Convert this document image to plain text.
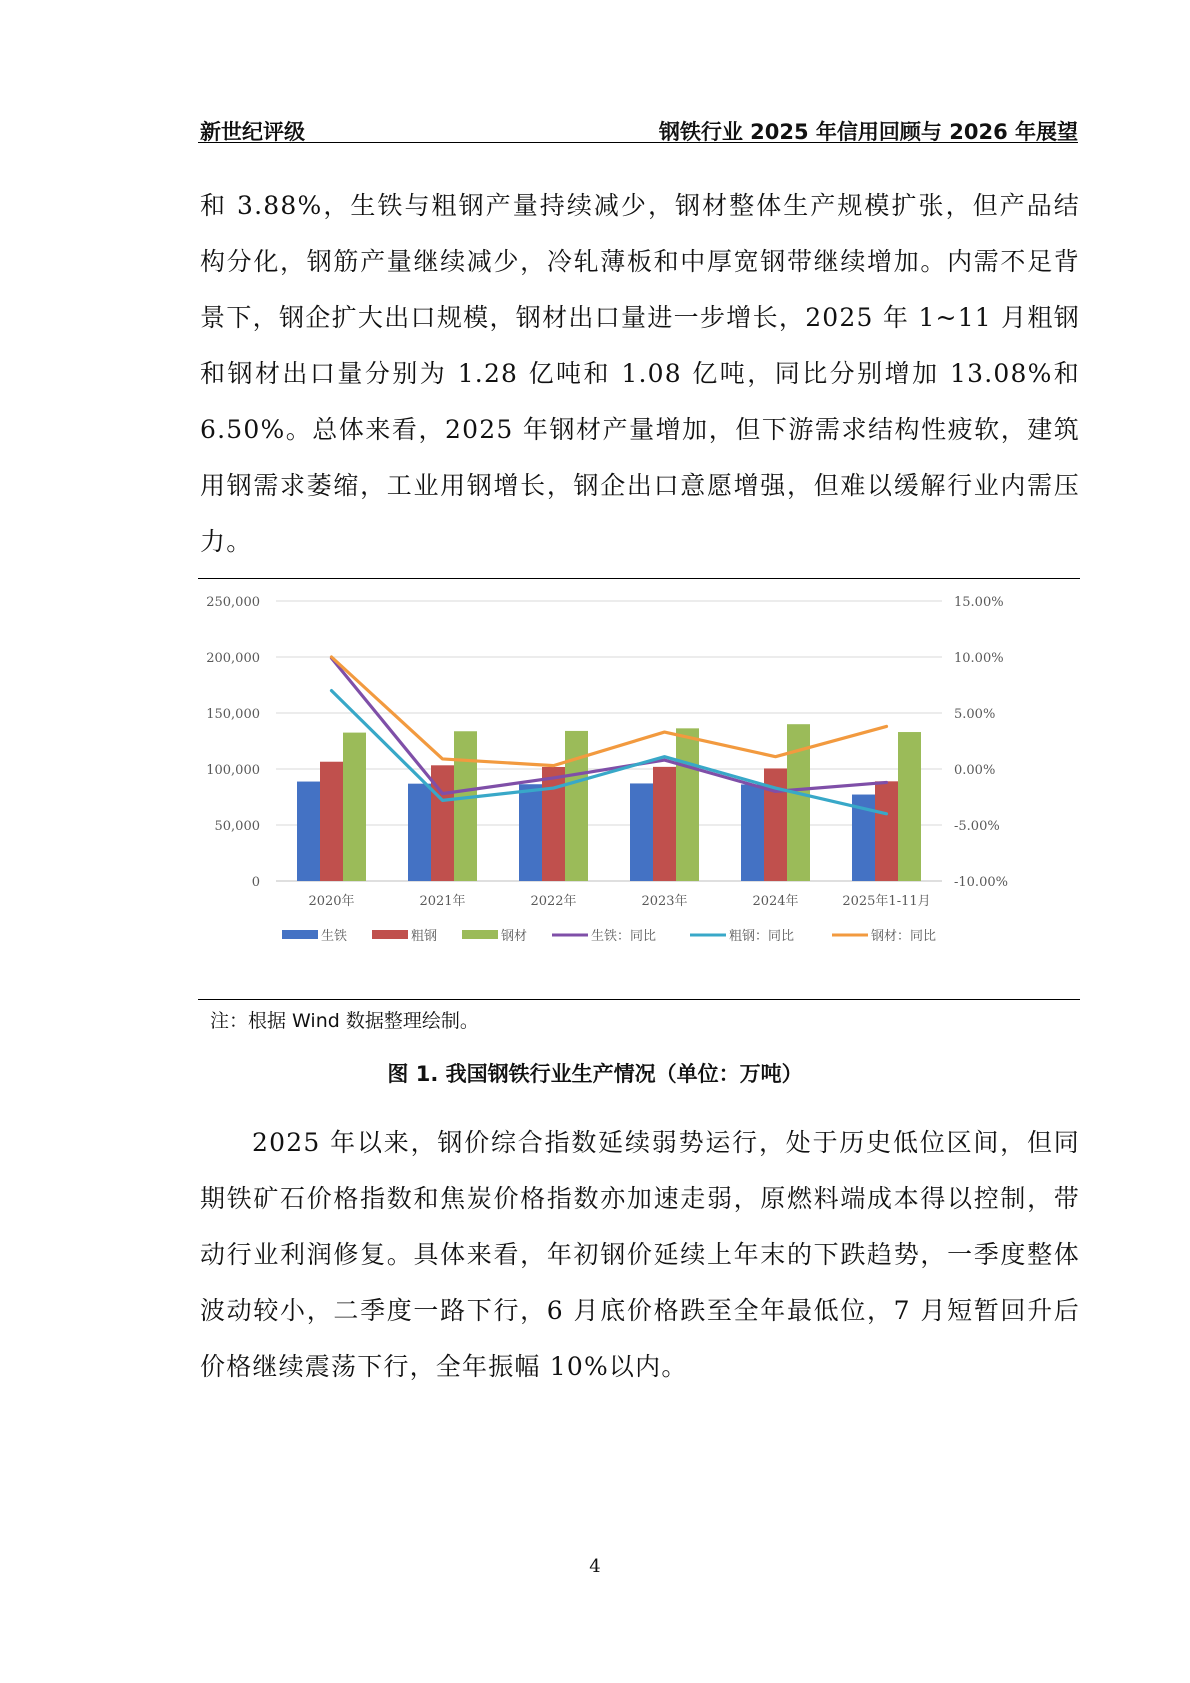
新世纪评级	钢铁行业 2025 年信用回顾与 2026 年展望

和 3.88%，生铁与粗钢产量持续减少，钢材整体生产规模扩张，但产品结构分化，钢筋产量继续减少，冷轧薄板和中厚宽钢带继续增加。内需不足背景下，钢企扩大出口规模，钢材出口量进一步增长，2025 年 1~11 月粗钢和钢材出口量分别为 1.28 亿吨和 1.08 亿吨，同比分别增加 13.08%和6.50%。总体来看，2025 年钢材产量增加，但下游需求结构性疲软，建筑用钢需求萎缩，工业用钢增长，钢企出口意愿增强，但难以缓解行业内需压力。

0
50,000
100,000
150,000
200,000
250,000
-10.00%
-5.00%
0.00%
5.00%
10.00%
15.00%
2020年	2021年	2022年	2023年	2024年	2025年1-11月
生铁	粗钢	钢材	生铁：同比	粗钢：同比	钢材：同比
注：根据 Wind 数据整理绘制。
图 1. 我国钢铁行业生产情况（单位：万吨）

2025 年以来，钢价综合指数延续弱势运行，处于历史低位区间，但同期铁矿石价格指数和焦炭价格指数亦加速走弱，原燃料端成本得以控制，带动行业利润修复。具体来看，年初钢价延续上年末的下跌趋势，一季度整体波动较小，二季度一路下行，6 月底价格跌至全年最低位，7 月短暂回升后价格继续震荡下行，全年振幅 10%以内。

4
